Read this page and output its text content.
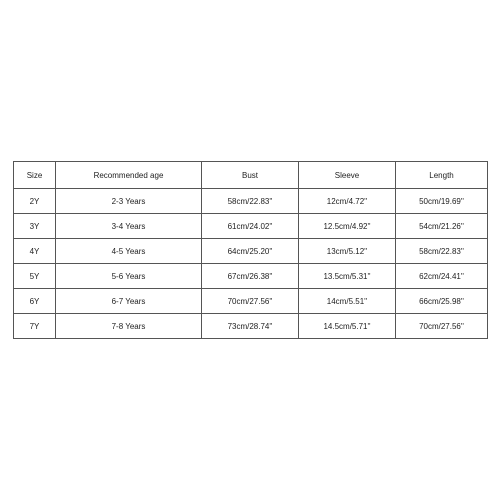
Size	Recommended age	Bust	Sleeve	Length
2Y	2-3 Years	58cm/22.83''	12cm/4.72''	50cm/19.69''
3Y	3-4 Years	61cm/24.02''	12.5cm/4.92''	54cm/21.26''
4Y	4-5 Years	64cm/25.20''	13cm/5.12''	58cm/22.83''
5Y	5-6 Years	67cm/26.38''	13.5cm/5.31''	62cm/24.41''
6Y	6-7 Years	70cm/27.56''	14cm/5.51''	66cm/25.98''
7Y	7-8 Years	73cm/28.74''	14.5cm/5.71''	70cm/27.56''
